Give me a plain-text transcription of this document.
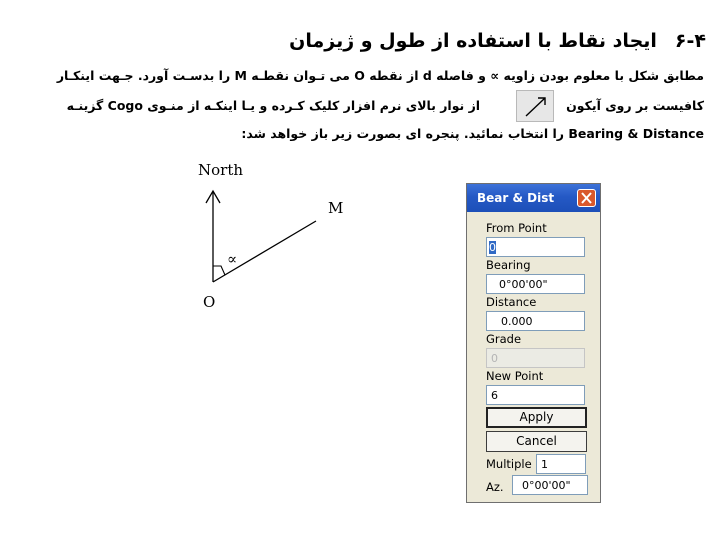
۶-۴ایجاد نقاط با استفاده از طول و ژیزمان
مطابق شکل با معلوم بودن زاویه ∝ و فاصله d از نقطه O می تـوان نقطـه M را بدسـت آورد. جـهت اینکـار
کافیست بر روی آیکوناز نوار بالای نرم افزار کلیک کـرده و یـا اینکـه از منـوی Cogo گزینـه
Bearing & Distance را انتخاب نمائید. پنجره ای بصورت زیر باز خواهد شد:
North
M
O
∝
Bear & Dist
From Point
0
Bearing
0°00'00"
Distance
0.000
Grade
0
New Point
6
Apply
Cancel
Multiple 1
Az.	0°00'00"
